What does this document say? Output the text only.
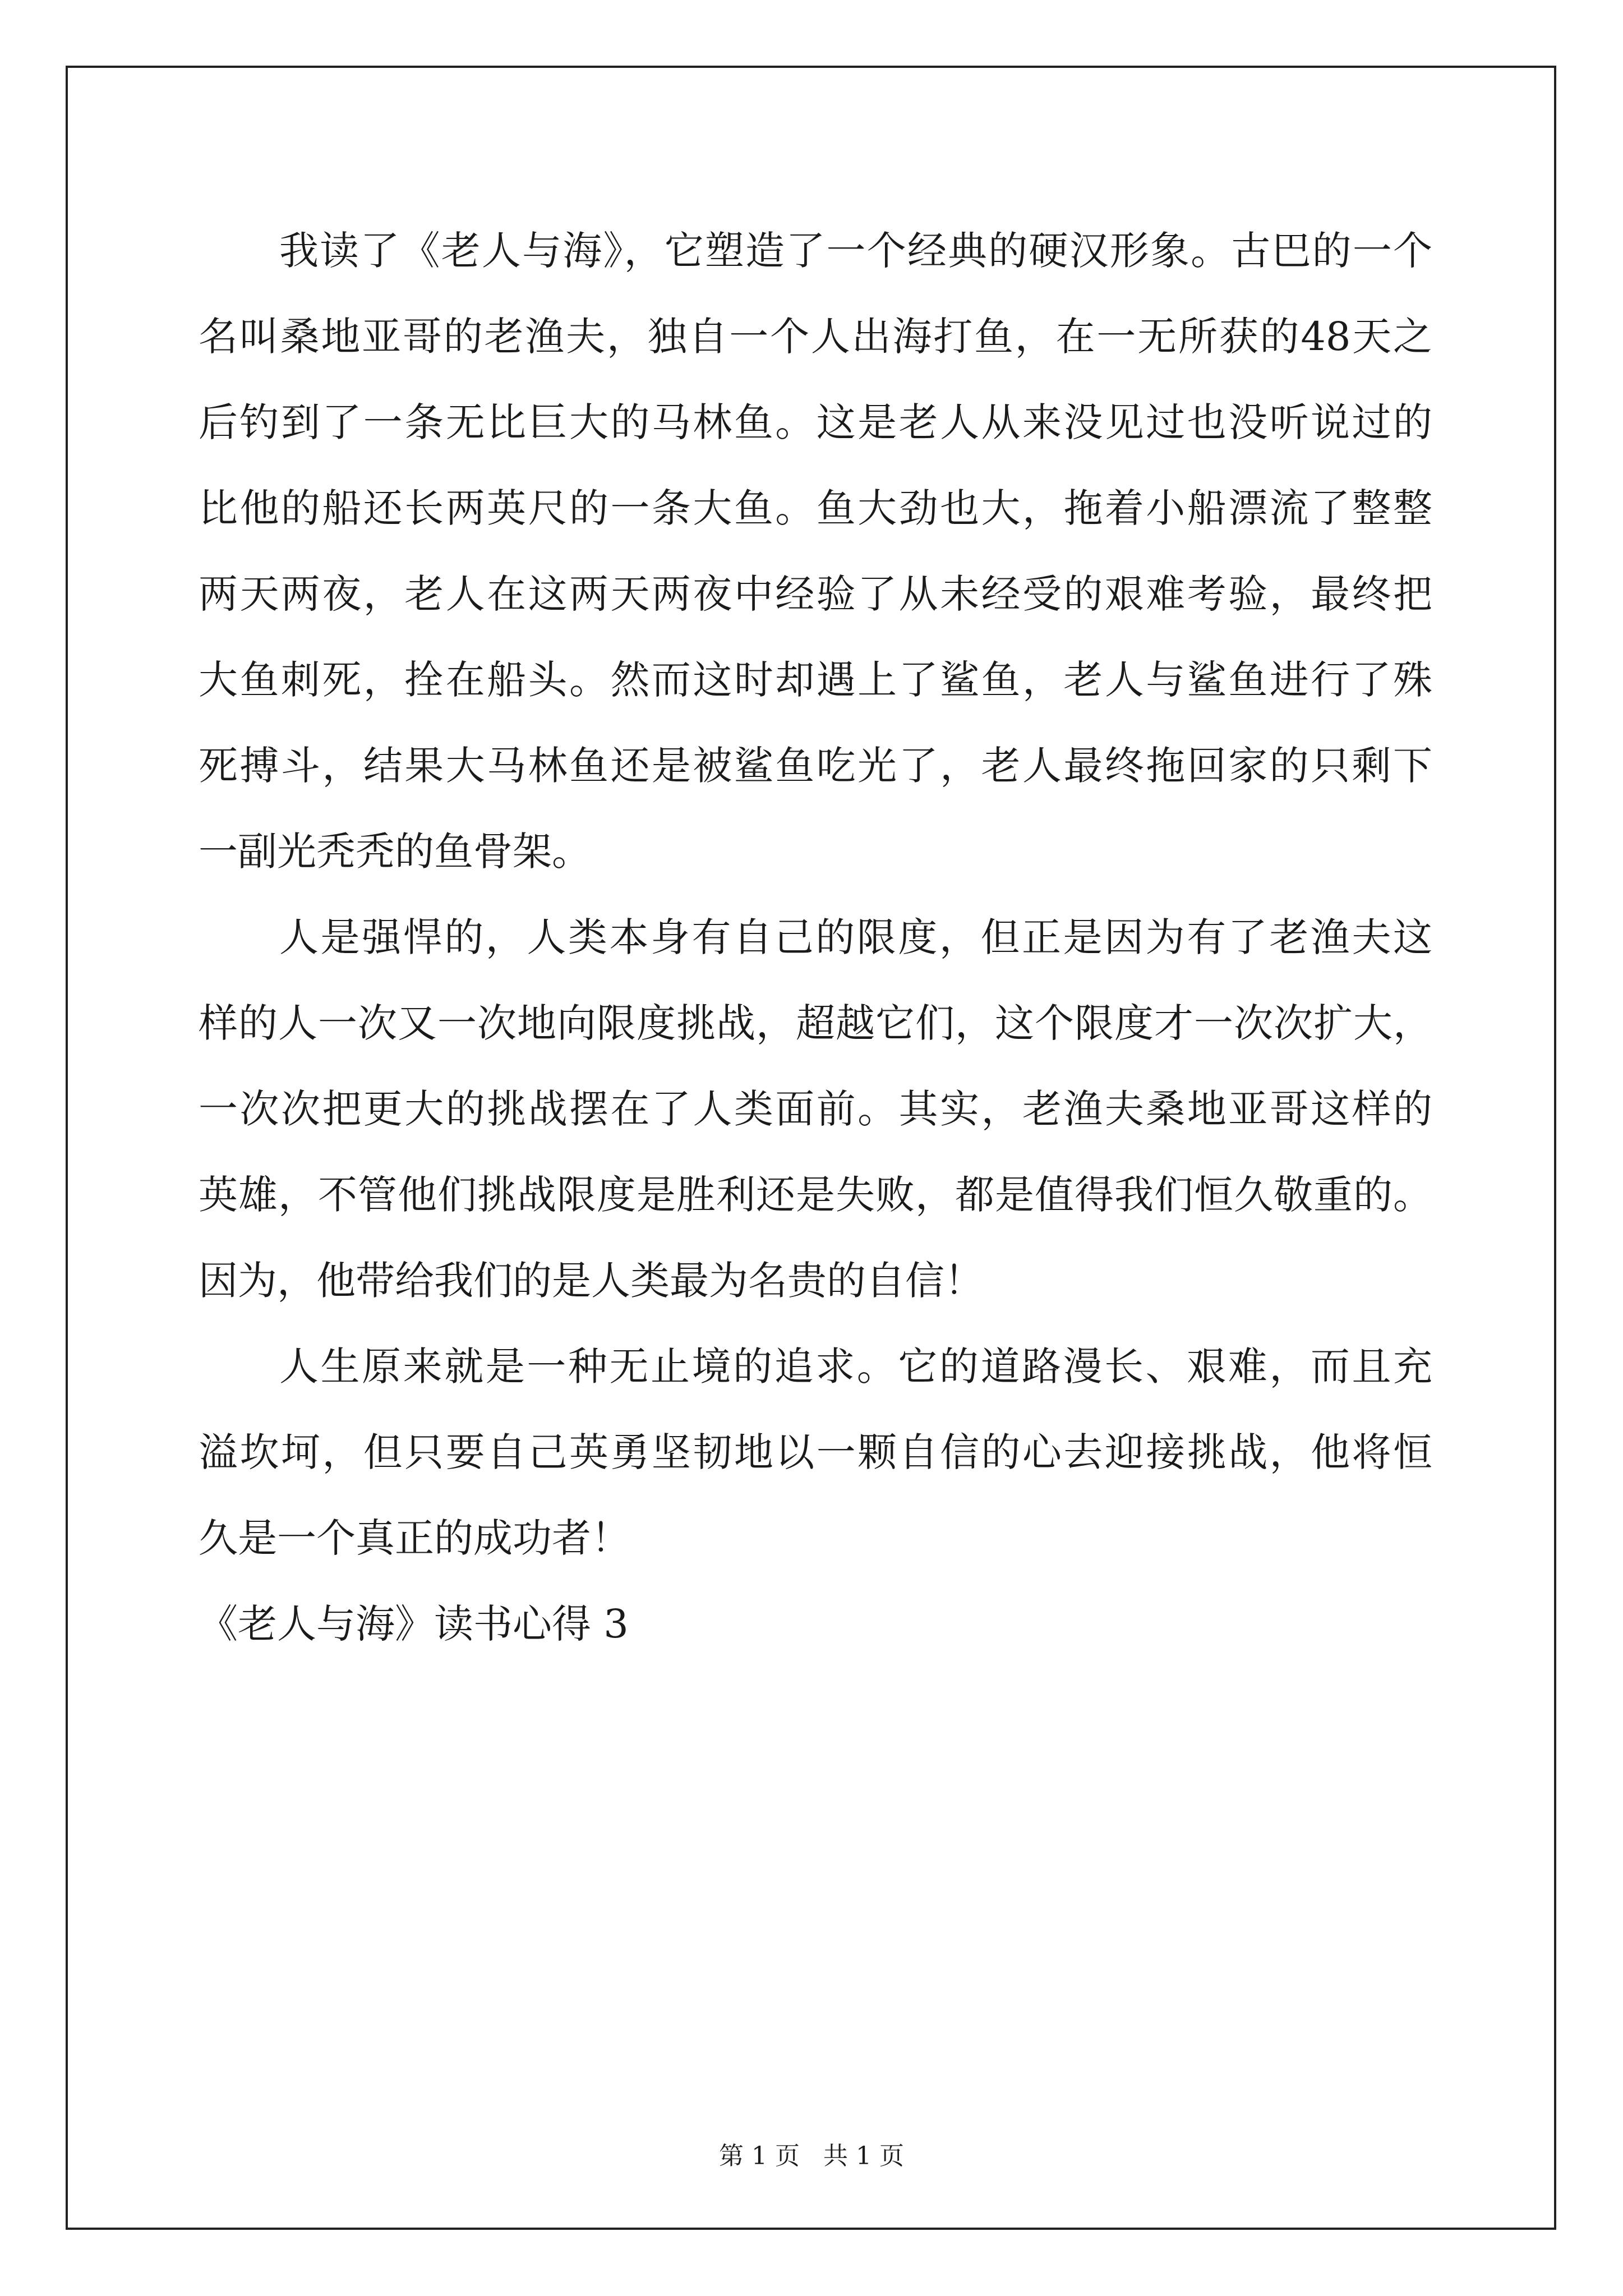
我读了《老人与海》，它塑造了一个经典的硬汉形象。古巴的一个
名叫桑地亚哥的老渔夫，独自一个人出海打鱼，在一无所获的48天之
后钓到了一条无比巨大的马林鱼。这是老人从来没见过也没听说过的
比他的船还长两英尺的一条大鱼。鱼大劲也大，拖着小船漂流了整整
两天两夜，老人在这两天两夜中经验了从未经受的艰难考验，最终把
大鱼刺死，拴在船头。然而这时却遇上了鲨鱼，老人与鲨鱼进行了殊
死搏斗，结果大马林鱼还是被鲨鱼吃光了，老人最终拖回家的只剩下
一副光秃秃的鱼骨架。
人是强悍的，人类本身有自己的限度，但正是因为有了老渔夫这
样的人一次又一次地向限度挑战，超越它们，这个限度才一次次扩大，
一次次把更大的挑战摆在了人类面前。其实，老渔夫桑地亚哥这样的
英雄，不管他们挑战限度是胜利还是失败，都是值得我们恒久敬重的。
因为，他带给我们的是人类最为名贵的自信！
人生原来就是一种无止境的追求。它的道路漫长、艰难，而且充
溢坎坷，但只要自己英勇坚韧地以一颗自信的心去迎接挑战，他将恒
久是一个真正的成功者！
《老人与海》读书心得 3
第 1 页   共 1 页
